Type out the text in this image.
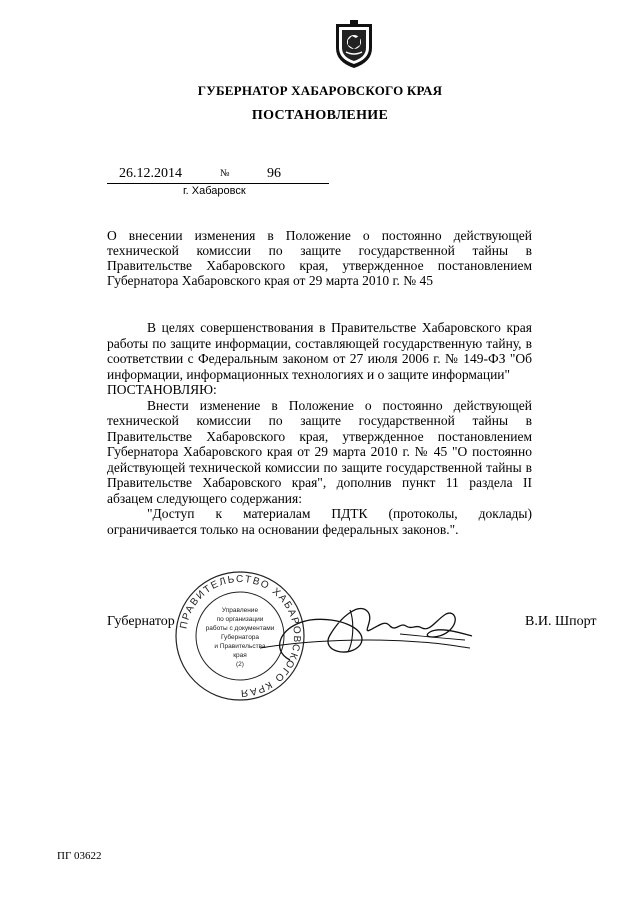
ГУБЕРНАТОР ХАБАРОВСКОГО КРАЯ
ПОСТАНОВЛЕНИЕ
26.12.2014	№	96
г. Хабаровск
О внесении изменения в Положение о постоянно действующей технической комиссии по защите государственной тайны в Правительстве Хабаровского края, утвержденное постановлением Губернатора Хабаровского края от 29 марта 2010 г. № 45

В целях совершенствования в Правительстве Хабаровского края работы по защите информации, составляющей государственную тайну, в соответствии с Федеральным законом от 27 июля 2006 г. № 149-ФЗ "Об информации, информационных технологиях и о защите информации"

ПОСТАНОВЛЯЮ:

Внести изменение в Положение о постоянно действующей технической комиссии по защите государственной тайны в Правительстве Хабаровского края, утвержденное постановлением Губернатора Хабаровского края от 29 марта 2010 г. № 45 "О постоянно действующей технической комиссии по защите государственной тайны в Правительстве Хабаровского края", дополнив пункт 11 раздела II абзацем следующего содержания:

"Доступ к материалам ПДТК (протоколы, доклады) ограничивается только на основании федеральных законов.".

Губернатор	В.И. Шпорт
ПРАВИТЕЛЬСТВО ХАБАРОВСКОГО КРАЯ
Управление
по организации
работы с документами
Губернатора
и Правительства
края
(2)
ПГ 03622
